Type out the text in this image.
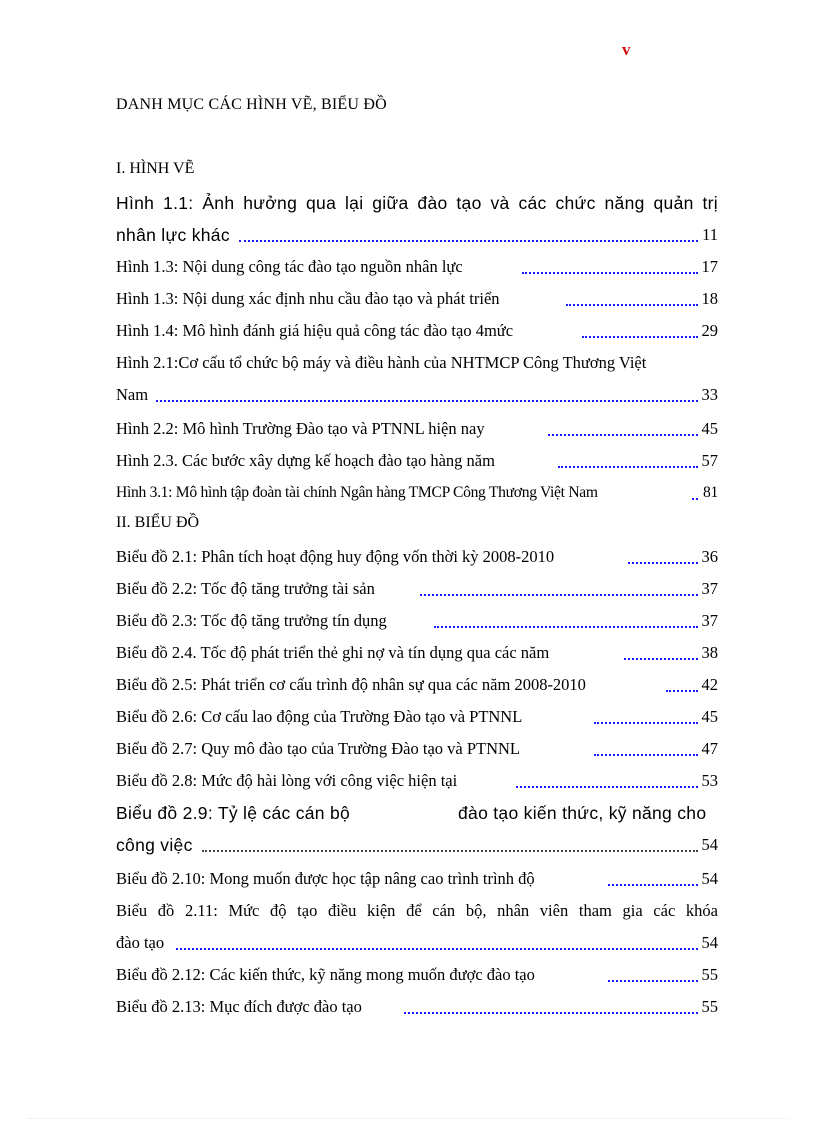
v
DANH MỤC CÁC HÌNH VẼ, BIỂU ĐỒ
I. HÌNH VẼ
II. BIỂU ĐỒ
Hình 1.1: Ảnh hưởng qua lại giữa đào tạo và các chức năng quản trị
nhân lực khác	11
Hình 1.3: Nội dung công tác đào tạo nguồn nhân lực	17
Hình 1.3: Nội dung xác định nhu cầu đào tạo và phát triển	18
Hình 1.4: Mô hình đánh giá hiệu quả công tác đào tạo 4mức	29
Hình 2.1:Cơ cấu tổ chức bộ máy và điều hành của NHTMCP Công Thương Việt
Nam	33
Hình 2.2: Mô hình Trường Đào tạo và PTNNL hiện nay	45
Hình 2.3. Các bước xây dựng kế hoạch đào tạo hàng năm	57
Hình 3.1: Mô hình tập đoàn tài chính Ngân hàng TMCP Công Thương Việt Nam	81
Biểu đồ 2.1: Phân tích hoạt động huy động vốn thời kỳ 2008-2010	36
Biểu đồ 2.2: Tốc độ tăng trưởng tài sản	37
Biểu đồ 2.3: Tốc độ tăng trưởng tín dụng	37
Biểu đồ 2.4. Tốc độ phát triển thẻ ghi nợ và tín dụng qua các năm	38
Biểu đồ 2.5: Phát triển cơ cấu trình độ nhân sự qua các năm 2008-2010	42
Biểu đồ 2.6: Cơ cấu lao động của Trường Đào tạo và PTNNL	45
Biểu đồ 2.7: Quy mô đào tạo của Trường Đào tạo và PTNNL	47
Biểu đồ 2.8: Mức độ hài lòng với công việc hiện tại	53
Biểu đồ 2.9: Tỷ lệ các cán bộ	đào tạo kiến thức, kỹ năng cho
công việc	54
Biểu đồ 2.10: Mong muốn được học tập nâng cao trình trình độ	54
Biểu đồ 2.11: Mức độ tạo điều kiện để cán bộ, nhân viên tham gia các khóa
đào tạo	54
Biểu đồ 2.12: Các kiến thức, kỹ năng mong muốn được đào tạo	55
Biểu đồ 2.13: Mục đích được đào tạo	55
